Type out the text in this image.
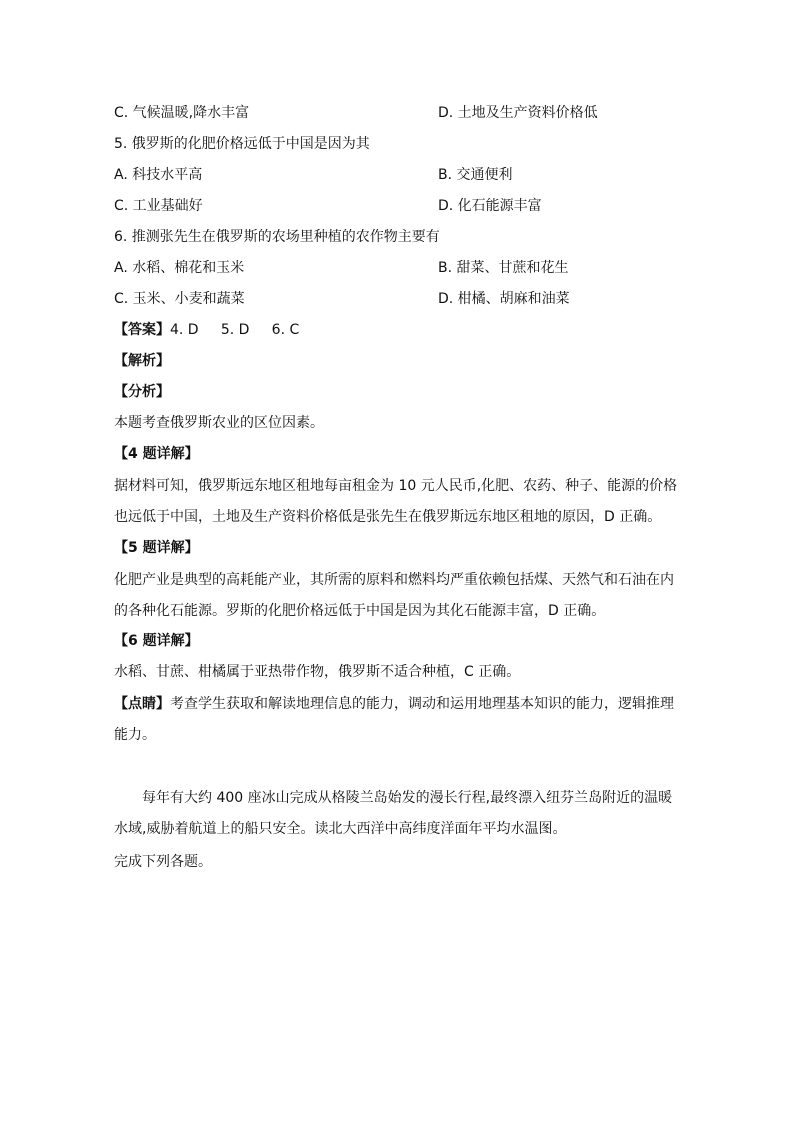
C. 气候温暖,降水丰富	D. 土地及生产资料价格低
5. 俄罗斯的化肥价格远低于中国是因为其
A. 科技水平高	B. 交通便利
C. 工业基础好	D. 化石能源丰富
6. 推测张先生在俄罗斯的农场里种植的农作物主要有
A. 水稻、棉花和玉米	B. 甜菜、甘蔗和花生
C. 玉米、小麦和蔬菜	D. 柑橘、胡麻和油菜
【答案】4. D     5. D     6. C
【解析】
【分析】
本题考查俄罗斯农业的区位因素。
【4 题详解】
据材料可知，俄罗斯远东地区租地每亩租金为 10 元人民币,化肥、农药、种子、能源的价格也远低于中国，土地及生产资料价格低是张先生在俄罗斯远东地区租地的原因，D 正确。
【5 题详解】
化肥产业是典型的高耗能产业，其所需的原料和燃料均严重依赖包括煤、天然气和石油在内的各种化石能源。罗斯的化肥价格远低于中国是因为其化石能源丰富，D 正确。
【6 题详解】
水稻、甘蔗、柑橘属于亚热带作物，俄罗斯不适合种植，C 正确。
【点睛】考查学生获取和解读地理信息的能力，调动和运用地理基本知识的能力，逻辑推理能力。
每年有大约 400 座冰山完成从格陵兰岛始发的漫长行程,最终漂入纽芬兰岛附近的温暖水域,威胁着航道上的船只安全。读北大西洋中高纬度洋面年平均水温图。
完成下列各题。
